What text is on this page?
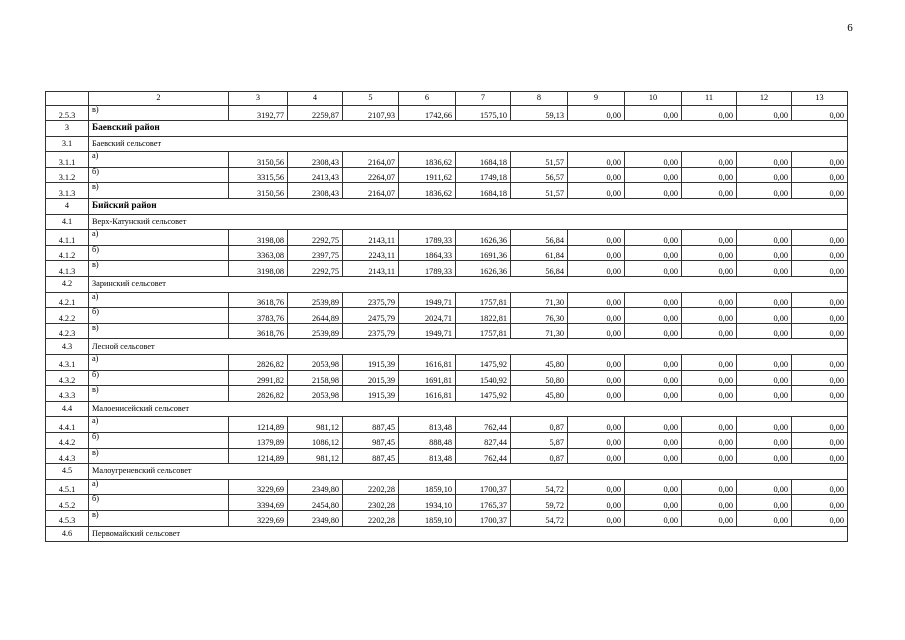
6
	2	3	4	5	6	7	8	9	10	11	12	13
2.5.3	в)	3192,77	2259,87	2107,93	1742,66	1575,10	59,13	0,00	0,00	0,00	0,00	0,00
3	Баевский район											
3.1	Баевский сельсовет											
3.1.1	а)	3150,56	2308,43	2164,07	1836,62	1684,18	51,57	0,00	0,00	0,00	0,00	0,00
3.1.2	б)	3315,56	2413,43	2264,07	1911,62	1749,18	56,57	0,00	0,00	0,00	0,00	0,00
3.1.3	в)	3150,56	2308,43	2164,07	1836,62	1684,18	51,57	0,00	0,00	0,00	0,00	0,00
4	Бийский район											
4.1	Верх-Катунский сельсовет											
4.1.1	а)	3198,08	2292,75	2143,11	1789,33	1626,36	56,84	0,00	0,00	0,00	0,00	0,00
4.1.2	б)	3363,08	2397,75	2243,11	1864,33	1691,36	61,84	0,00	0,00	0,00	0,00	0,00
4.1.3	в)	3198,08	2292,75	2143,11	1789,33	1626,36	56,84	0,00	0,00	0,00	0,00	0,00
4.2	Заринский сельсовет											
4.2.1	а)	3618,76	2539,89	2375,79	1949,71	1757,81	71,30	0,00	0,00	0,00	0,00	0,00
4.2.2	б)	3783,76	2644,89	2475,79	2024,71	1822,81	76,30	0,00	0,00	0,00	0,00	0,00
4.2.3	в)	3618,76	2539,89	2375,79	1949,71	1757,81	71,30	0,00	0,00	0,00	0,00	0,00
4.3	Лесной сельсовет											
4.3.1	а)	2826,82	2053,98	1915,39	1616,81	1475,92	45,80	0,00	0,00	0,00	0,00	0,00
4.3.2	б)	2991,82	2158,98	2015,39	1691,81	1540,92	50,80	0,00	0,00	0,00	0,00	0,00
4.3.3	в)	2826,82	2053,98	1915,39	1616,81	1475,92	45,80	0,00	0,00	0,00	0,00	0,00
4.4	Малоенисейский сельсовет											
4.4.1	а)	1214,89	981,12	887,45	813,48	762,44	0,87	0,00	0,00	0,00	0,00	0,00
4.4.2	б)	1379,89	1086,12	987,45	888,48	827,44	5,87	0,00	0,00	0,00	0,00	0,00
4.4.3	в)	1214,89	981,12	887,45	813,48	762,44	0,87	0,00	0,00	0,00	0,00	0,00
4.5	Малоугреневский сельсовет											
4.5.1	а)	3229,69	2349,80	2202,28	1859,10	1700,37	54,72	0,00	0,00	0,00	0,00	0,00
4.5.2	б)	3394,69	2454,80	2302,28	1934,10	1765,37	59,72	0,00	0,00	0,00	0,00	0,00
4.5.3	в)	3229,69	2349,80	2202,28	1859,10	1700,37	54,72	0,00	0,00	0,00	0,00	0,00
4.6	Первомайский сельсовет											
